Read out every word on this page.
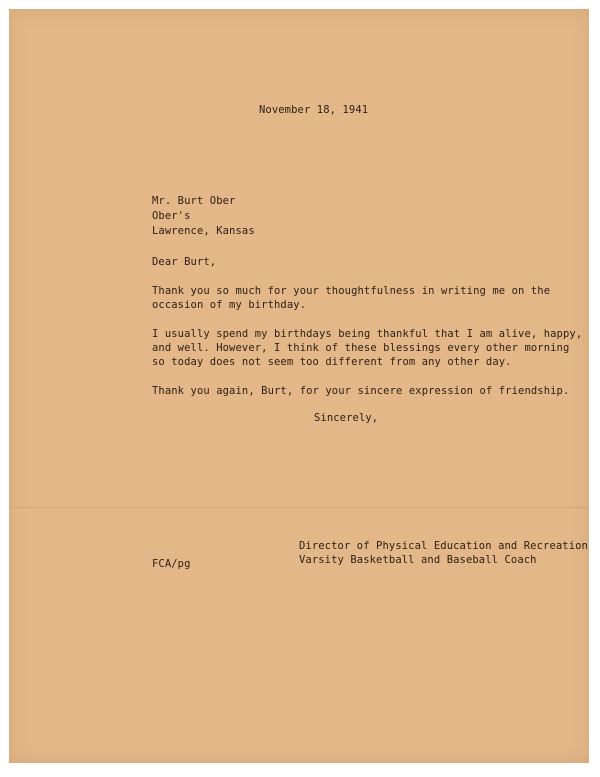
November 18, 1941
Mr. Burt Ober
Ober's
Lawrence, Kansas
Dear Burt,
Thank you so much for your thoughtfulness in writing me on the
occasion of my birthday.
I usually spend my birthdays being thankful that I am alive, happy,
and well. However, I think of these blessings every other morning
so today does not seem too different from any other day.
Thank you again, Burt, for your sincere expression of friendship.
Sincerely,
Director of Physical Education and Recreation
Varsity Basketball and Baseball Coach
FCA/pg
